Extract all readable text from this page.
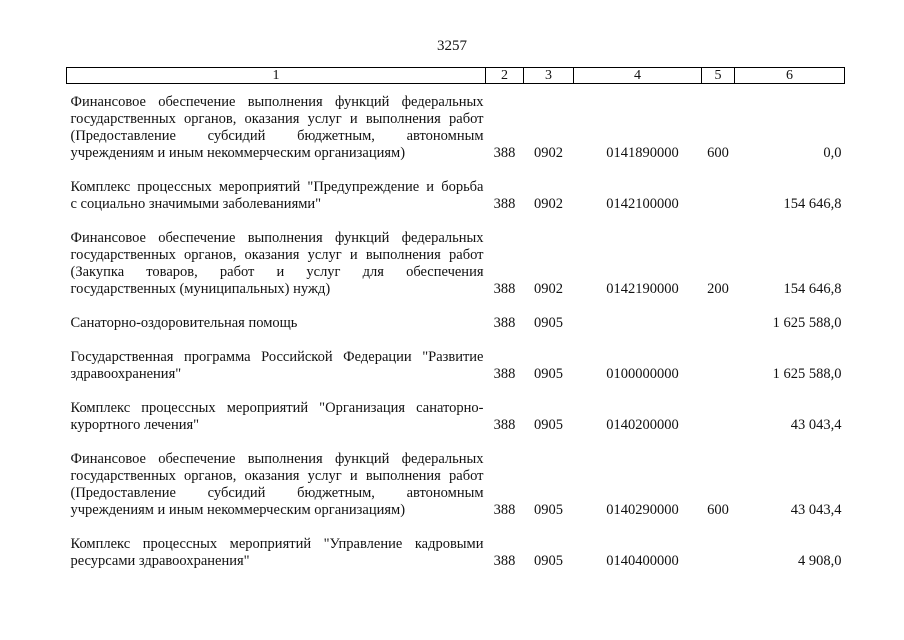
3257
1	2	3	4	5	6

Финансовое обеспечение выполнения функций федеральных
государственных органов, оказания услуг и выполнения работ
(Предоставление субсидий бюджетным, автономным
учреждениям и иным некоммерческим организациям)	388	0902	0141890000	600	0,0

Комплекс процессных мероприятий "Предупреждение и борьба
с социально значимыми заболеваниями"	388	0902	0142100000		154 646,8

Финансовое обеспечение выполнения функций федеральных
государственных органов, оказания услуг и выполнения работ
(Закупка товаров, работ и услуг для обеспечения
государственных (муниципальных) нужд)	388	0902	0142190000	200	154 646,8

Санаторно-оздоровительная помощь	388	0905			1 625 588,0

Государственная программа Российской Федерации "Развитие
здравоохранения"	388	0905	0100000000		1 625 588,0

Комплекс процессных мероприятий "Организация санаторно-
курортного лечения"	388	0905	0140200000		43 043,4

Финансовое обеспечение выполнения функций федеральных
государственных органов, оказания услуг и выполнения работ
(Предоставление субсидий бюджетным, автономным
учреждениям и иным некоммерческим организациям)	388	0905	0140290000	600	43 043,4

Комплекс процессных мероприятий "Управление кадровыми
ресурсами здравоохранения"	388	0905	0140400000		4 908,0
